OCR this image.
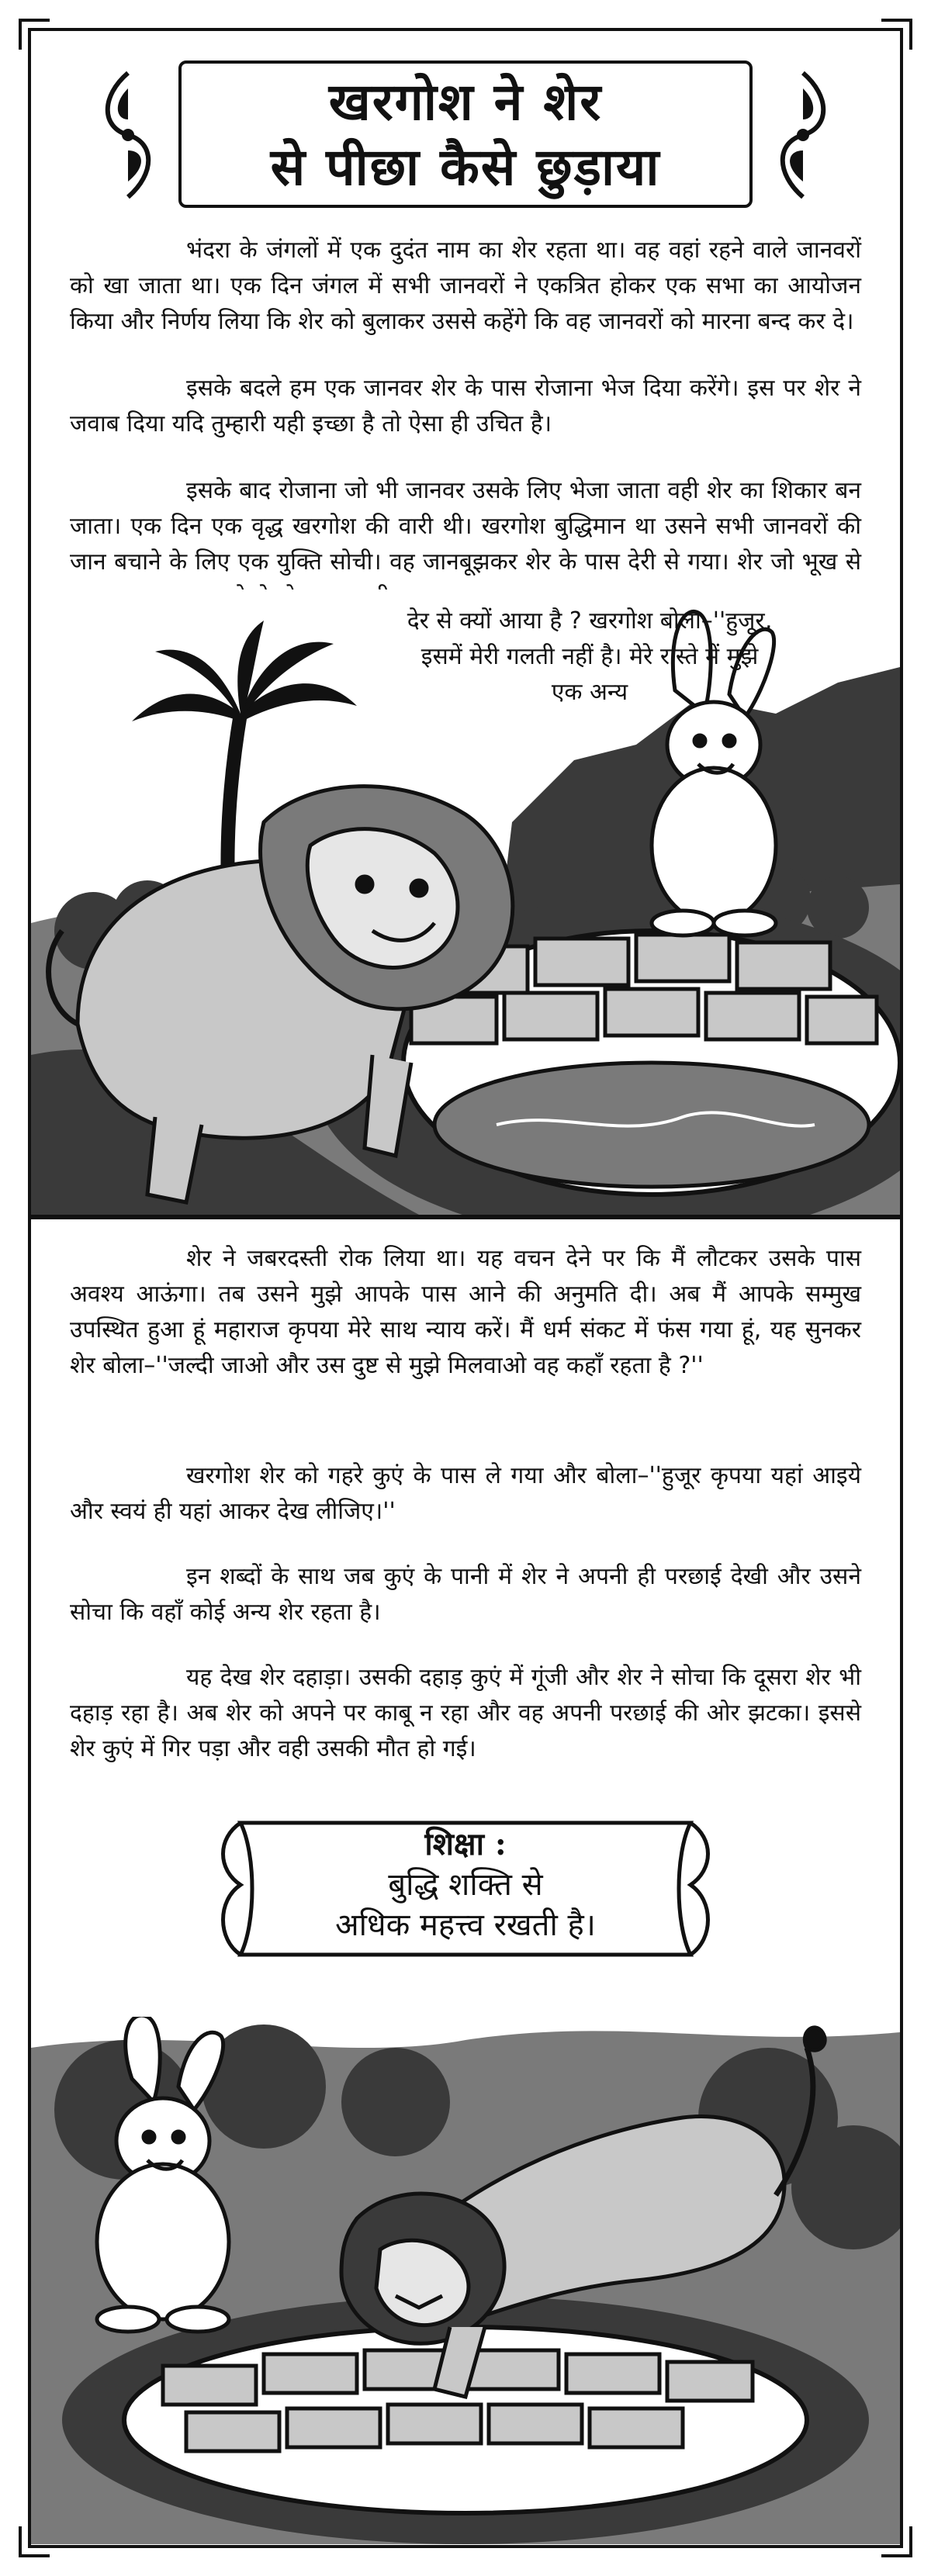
खरगोश ने शेर
से पीछा कैसे छुड़ाया

भंदरा के जंगलों में एक दुदंत नाम का शेर रहता था। वह वहां रहने वाले जानवरों को खा जाता था। एक दिन जंगल में सभी जानवरों ने एकत्रित होकर एक सभा का आयोजन किया और निर्णय लिया कि शेर को बुलाकर उससे कहेंगे कि वह जानवरों को मारना बन्द कर दे।

इसके बदले हम एक जानवर शेर के पास रोजाना भेज दिया करेंगे। इस पर शेर ने जवाब दिया यदि तुम्हारी यही इच्छा है तो ऐसा ही उचित है।

इसके बाद रोजाना जो भी जानवर उसके लिए भेजा जाता वही शेर का शिकार बन जाता। एक दिन एक वृद्ध खरगोश की वारी थी। खरगोश बुद्धिमान था उसने सभी जानवरों की जान बचाने के लिए एक युक्ति सोची। वह जानबूझकर शेर के पास देरी से गया। शेर जो भूख से

देर से क्यों आया है ? खरगोश बोला–''हुजूर, इसमें मेरी गलती नहीं है। मेरे रास्ते में मुझे एक अन्य

शेर ने जबरदस्ती रोक लिया था। यह वचन देने पर कि मैं लौटकर उसके पास अवश्य आऊंगा। तब उसने मुझे आपके पास आने की अनुमति दी। अब मैं आपके सम्मुख उपस्थित हुआ हूं महाराज कृपया मेरे साथ न्याय करें। मैं धर्म संकट में फंस गया हूं, यह सुनकर शेर बोला–''जल्दी जाओ और उस दुष्ट से मुझे मिलवाओ वह कहाँ रहता है ?''

खरगोश शेर को गहरे कुएं के पास ले गया और बोला–''हुजूर कृपया यहां आइये और स्वयं ही यहां आकर देख लीजिए।''

इन शब्दों के साथ जब कुएं के पानी में शेर ने अपनी ही परछाई देखी और उसने सोचा कि वहाँ कोई अन्य शेर रहता है।

यह देख शेर दहाड़ा। उसकी दहाड़ कुएं में गूंजी और शेर ने सोचा कि दूसरा शेर भी दहाड़ रहा है। अब शेर को अपने पर काबू न रहा और वह अपनी परछाई की ओर झटका। इससे शेर कुएं में गिर पड़ा और वही उसकी मौत हो गई।

शिक्षा :
बुद्धि शक्ति से
अधिक महत्त्व रखती है।
